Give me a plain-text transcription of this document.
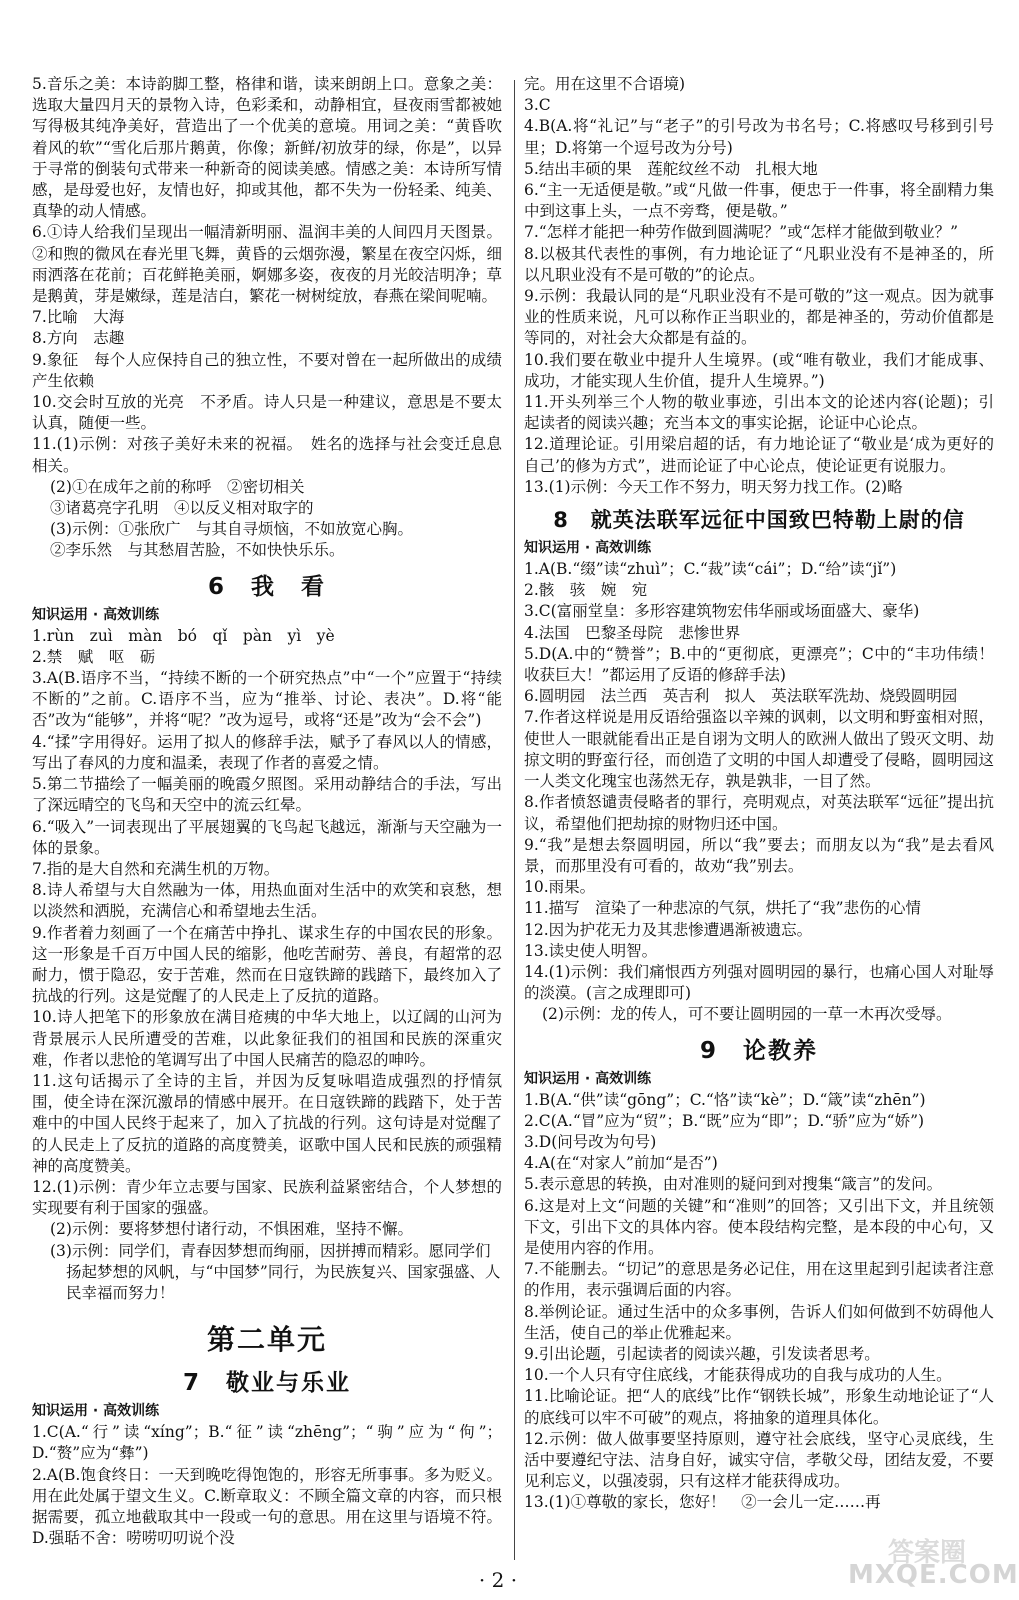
5.音乐之美：本诗韵脚工整，格律和谐，读来朗朗上口。意象之美：选取大量四月天的景物入诗，色彩柔和，动静相宜，昼夜雨雪都被她写得极其纯净美好，营造出了一个优美的意境。用词之美：“黄昏吹着风的软”“雪化后那片鹅黄，你像；新鲜/初放芽的绿，你是”，以异于寻常的倒装句式带来一种新奇的阅读美感。情感之美：本诗所写情感，是母爱也好，友情也好，抑或其他，都不失为一份轻柔、纯美、真挚的动人情感。

6.①诗人给我们呈现出一幅清新明丽、温润丰美的人间四月天图景。②和煦的微风在春光里飞舞，黄昏的云烟弥漫，繁星在夜空闪烁，细雨洒落在花前；百花鲜艳美丽，婀娜多姿，夜夜的月光皎洁明净；草是鹅黄，芽是嫩绿，莲是洁白，繁花一树树绽放，春燕在梁间呢喃。

7.比喻　大海

8.方向　志趣

9.象征　每个人应保持自己的独立性，不要对曾在一起所做出的成绩产生依赖

10.交会时互放的光亮　不矛盾。诗人只是一种建议，意思是不要太认真，随便一些。

11.(1)示例：对孩子美好未来的祝福。　姓名的选择与社会变迁息息相关。

(2)①在成年之前的称呼　②密切相关

③诸葛亮字孔明　④以反义相对取字的

(3)示例：①张欣广　与其自寻烦恼，不如放宽心胸。

②李乐然　与其愁眉苦脸，不如快快乐乐。

6　我　看
知识运用 · 高效训练
1.rùn　zuì　màn　bó　qǐ　pàn　yì　yè

2.禁　赋　呕　砺

3.A(B.语序不当，“持续不断的一个研究热点”中“一个”应置于“持续不断的”之前。C.语序不当，应为“推举、讨论、表决”。D.将“能否”改为“能够”，并将“呢？”改为逗号，或将“还是”改为“会不会”)

4.“揉”字用得好。运用了拟人的修辞手法，赋予了春风以人的情感，写出了春风的力度和温柔，表现了作者的喜爱之情。

5.第二节描绘了一幅美丽的晚霞夕照图。采用动静结合的手法，写出了深远晴空的飞鸟和天空中的流云红晕。

6.“吸入”一词表现出了平展翅翼的飞鸟起飞越远，渐渐与天空融为一体的景象。

7.指的是大自然和充满生机的万物。

8.诗人希望与大自然融为一体，用热血面对生活中的欢笑和哀愁，想以淡然和洒脱，充满信心和希望地去生活。

9.作者着力刻画了一个在痛苦中挣扎、谋求生存的中国农民的形象。这一形象是千百万中国人民的缩影，他吃苦耐劳、善良，有超常的忍耐力，惯于隐忍，安于苦难，然而在日寇铁蹄的践踏下，最终加入了抗战的行列。这是觉醒了的人民走上了反抗的道路。

10.诗人把笔下的形象放在满目疮痍的中华大地上，以辽阔的山河为背景展示人民所遭受的苦难，以此象征我们的祖国和民族的深重灾难，作者以悲怆的笔调写出了中国人民痛苦的隐忍的呻吟。

11.这句话揭示了全诗的主旨，并因为反复咏唱造成强烈的抒情氛围，使全诗在深沉激昂的情感中展开。在日寇铁蹄的践踏下，处于苦难中的中国人民终于起来了，加入了抗战的行列。这句诗是对觉醒了的人民走上了反抗的道路的高度赞美，讴歌中国人民和民族的顽强精神的高度赞美。

12.(1)示例：青少年立志要与国家、民族利益紧密结合，个人梦想的实现要有利于国家的强盛。

(2)示例：要将梦想付诸行动，不惧困难，坚持不懈。

(3)示例：同学们，青春因梦想而绚丽，因拼搏而精彩。愿同学们扬起梦想的风帆，与“中国梦”同行，为民族复兴、国家强盛、人民幸福而努力！

第二单元
7　敬业与乐业
知识运用 · 高效训练

1.C(A.“行”读“xíng”；B.“征”读“zhēng”；“驹”应为“佝”；D.“赘”应为“彝”)

2.A(B.饱食终日：一天到晚吃得饱饱的，形容无所事事。多为贬义。用在此处属于望文生义。C.断章取义：不顾全篇文章的内容，而只根据需要，孤立地截取其中一段或一句的意思。用在这里与语境不符。D.强聒不舍：唠唠叨叨说个没

完。用在这里不合语境)

3.C

4.B(A.将“礼记”与“老子”的引号改为书名号；C.将感叹号移到引号里；D.将第一个逗号改为分号)

5.结出丰硕的果　莲舵纹丝不动　扎根大地

6.“主一无适便是敬。”或“凡做一件事，便忠于一件事，将全副精力集中到这事上头，一点不旁骛，便是敬。”

7.“怎样才能把一种劳作做到圆满呢？”或“怎样才能做到敬业？”

8.以极其代表性的事例，有力地论证了“凡职业没有不是神圣的，所以凡职业没有不是可敬的”的论点。

9.示例：我最认同的是“凡职业没有不是可敬的”这一观点。因为就事业的性质来说，凡可以称作正当职业的，都是神圣的，劳动价值都是等同的，对社会大众都是有益的。

10.我们要在敬业中提升人生境界。(或“唯有敬业，我们才能成事、成功，才能实现人生价值，提升人生境界。”)

11.开头列举三个人物的敬业事迹，引出本文的论述内容(论题)；引起读者的阅读兴趣；充当本文的事实论据，论证中心论点。

12.道理论证。引用梁启超的话，有力地论证了“敬业是‘成为更好的自己’的修为方式”，进而论证了中心论点，使论证更有说服力。

13.(1)示例：今天工作不努力，明天努力找工作。(2)略

8　就英法联军远征中国致巴特勒上尉的信
知识运用 · 高效训练

1.A(B.“缀”读“zhuì”；C.“裁”读“cái”；D.“给”读“jǐ”)

2.骸　骇　婉　宛

3.C(富丽堂皇：多形容建筑物宏伟华丽或场面盛大、豪华)

4.法国　巴黎圣母院　悲惨世界

5.D(A.中的“赞誉”；B.中的“更彻底，更漂亮”；C中的“丰功伟绩！收获巨大！”都运用了反语的修辞手法)

6.圆明园　法兰西　英吉利　拟人　英法联军洗劫、烧毁圆明园

7.作者这样说是用反语给强盗以辛辣的讽刺，以文明和野蛮相对照，使世人一眼就能看出正是自诩为文明人的欧洲人做出了毁灭文明、劫掠文明的野蛮行径，而创造了文明的中国人却遭受了侵略，圆明园这一人类文化瑰宝也荡然无存，孰是孰非，一目了然。

8.作者愤怒谴责侵略者的罪行，亮明观点，对英法联军“远征”提出抗议，希望他们把劫掠的财物归还中国。

9.“我”是想去祭圆明园，所以“我”要去；而朋友以为“我”是去看风景，而那里没有可看的，故劝“我”别去。

10.雨果。

11.描写　渲染了一种悲凉的气氛，烘托了“我”悲伤的心情

12.因为护花无力及其悲惨遭遇渐被遗忘。

13.读史使人明智。

14.(1)示例：我们痛恨西方列强对圆明园的暴行，也痛心国人对耻辱的淡漠。(言之成理即可)

(2)示例：龙的传人，可不要让圆明园的一草一木再次受辱。

9　论教养
知识运用 · 高效训练

1.B(A.“供”读“gōng”；C.“恪”读“kè”；D.“箴”读“zhēn”)

2.C(A.“冒”应为“贸”；B.“既”应为“即”；D.“骄”应为“娇”)

3.D(问号改为句号)

4.A(在“对家人”前加“是否”)

5.表示意思的转换，由对准则的疑问到对搜集“箴言”的发问。

6.这是对上文“问题的关键”和“准则”的回答；又引出下文，并且统领下文，引出下文的具体内容。使本段结构完整，是本段的中心句，又是使用内容的作用。

7.不能删去。“切记”的意思是务必记住，用在这里起到引起读者注意的作用，表示强调后面的内容。

8.举例论证。通过生活中的众多事例，告诉人们如何做到不妨碍他人生活，使自己的举止优雅起来。

9.引出论题，引起读者的阅读兴趣，引发读者思考。

10.一个人只有守住底线，才能获得成功的自我与成功的人生。

11.比喻论证。把“人的底线”比作“钢铁长城”，形象生动地论证了“人的底线可以牢不可破”的观点，将抽象的道理具体化。

12.示例：做人做事要坚持原则，遵守社会底线，坚守心灵底线，生活中要遵纪守法、洁身自好，诚实守信，孝敬父母，团结友爱，不要见利忘义，以强凌弱，只有这样才能获得成功。

13.(1)①尊敬的家长，您好！　②一会儿一定……再

· 2 ·
答案圈
MXQE.COM
